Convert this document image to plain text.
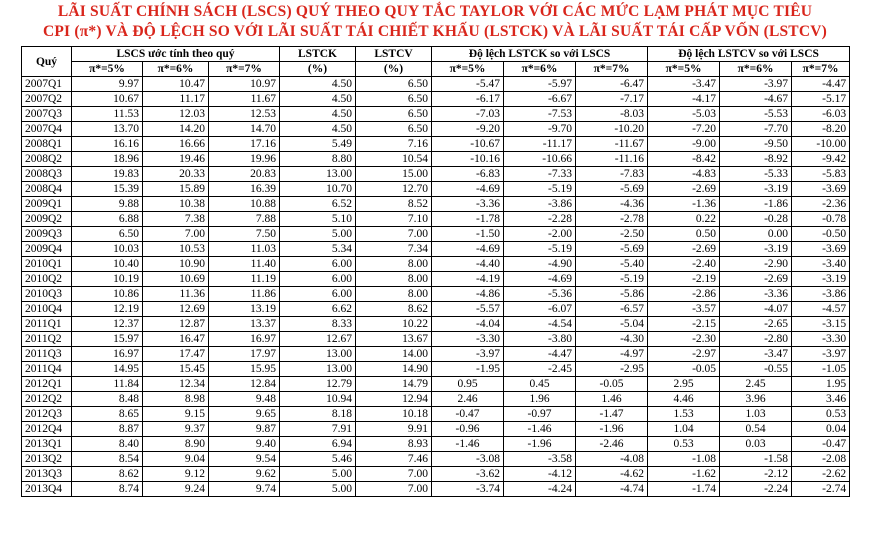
LÃI SUẤT CHÍNH SÁCH (LSCS) QUÝ THEO QUY TẮC TAYLOR VỚI CÁC MỨC LẠM PHÁT MỤC TIÊU
CPI (π*) VÀ ĐỘ LỆCH SO VỚI LÃI SUẤT TÁI CHIẾT KHẤU (LSTCK) VÀ LÃI SUẤT TÁI CẤP VỐN (LSTCV)
Quý	LSCS ước tính theo quý			LSTCK	LSTCV	Độ lệch LSTCK so với LSCS			Độ lệch LSTCV so với LSCS		
	π*=5%	π*=6%	π*=7%	(%)	(%)	π*=5%	π*=6%	π*=7%	π*=5%	π*=6%	π*=7%
2007Q1	9.97	10.47	10.97	4.50	6.50	-5.47	-5.97	-6.47	-3.47	-3.97	-4.47
2007Q2	10.67	11.17	11.67	4.50	6.50	-6.17	-6.67	-7.17	-4.17	-4.67	-5.17
2007Q3	11.53	12.03	12.53	4.50	6.50	-7.03	-7.53	-8.03	-5.03	-5.53	-6.03
2007Q4	13.70	14.20	14.70	4.50	6.50	-9.20	-9.70	-10.20	-7.20	-7.70	-8.20
2008Q1	16.16	16.66	17.16	5.49	7.16	-10.67	-11.17	-11.67	-9.00	-9.50	-10.00
2008Q2	18.96	19.46	19.96	8.80	10.54	-10.16	-10.66	-11.16	-8.42	-8.92	-9.42
2008Q3	19.83	20.33	20.83	13.00	15.00	-6.83	-7.33	-7.83	-4.83	-5.33	-5.83
2008Q4	15.39	15.89	16.39	10.70	12.70	-4.69	-5.19	-5.69	-2.69	-3.19	-3.69
2009Q1	9.88	10.38	10.88	6.52	8.52	-3.36	-3.86	-4.36	-1.36	-1.86	-2.36
2009Q2	6.88	7.38	7.88	5.10	7.10	-1.78	-2.28	-2.78	0.22	-0.28	-0.78
2009Q3	6.50	7.00	7.50	5.00	7.00	-1.50	-2.00	-2.50	0.50	0.00	-0.50
2009Q4	10.03	10.53	11.03	5.34	7.34	-4.69	-5.19	-5.69	-2.69	-3.19	-3.69
2010Q1	10.40	10.90	11.40	6.00	8.00	-4.40	-4.90	-5.40	-2.40	-2.90	-3.40
2010Q2	10.19	10.69	11.19	6.00	8.00	-4.19	-4.69	-5.19	-2.19	-2.69	-3.19
2010Q3	10.86	11.36	11.86	6.00	8.00	-4.86	-5.36	-5.86	-2.86	-3.36	-3.86
2010Q4	12.19	12.69	13.19	6.62	8.62	-5.57	-6.07	-6.57	-3.57	-4.07	-4.57
2011Q1	12.37	12.87	13.37	8.33	10.22	-4.04	-4.54	-5.04	-2.15	-2.65	-3.15
2011Q2	15.97	16.47	16.97	12.67	13.67	-3.30	-3.80	-4.30	-2.30	-2.80	-3.30
2011Q3	16.97	17.47	17.97	13.00	14.00	-3.97	-4.47	-4.97	-2.97	-3.47	-3.97
2011Q4	14.95	15.45	15.95	13.00	14.90	-1.95	-2.45	-2.95	-0.05	-0.55	-1.05
2012Q1	11.84	12.34	12.84	12.79	14.79	0.95	0.45	-0.05	2.95	2.45	1.95
2012Q2	8.48	8.98	9.48	10.94	12.94	2.46	1.96	1.46	4.46	3.96	3.46
2012Q3	8.65	9.15	9.65	8.18	10.18	-0.47	-0.97	-1.47	1.53	1.03	0.53
2012Q4	8.87	9.37	9.87	7.91	9.91	-0.96	-1.46	-1.96	1.04	0.54	0.04
2013Q1	8.40	8.90	9.40	6.94	8.93	-1.46	-1.96	-2.46	0.53	0.03	-0.47
2013Q2	8.54	9.04	9.54	5.46	7.46	-3.08	-3.58	-4.08	-1.08	-1.58	-2.08
2013Q3	8.62	9.12	9.62	5.00	7.00	-3.62	-4.12	-4.62	-1.62	-2.12	-2.62
2013Q4	8.74	9.24	9.74	5.00	7.00	-3.74	-4.24	-4.74	-1.74	-2.24	-2.74
